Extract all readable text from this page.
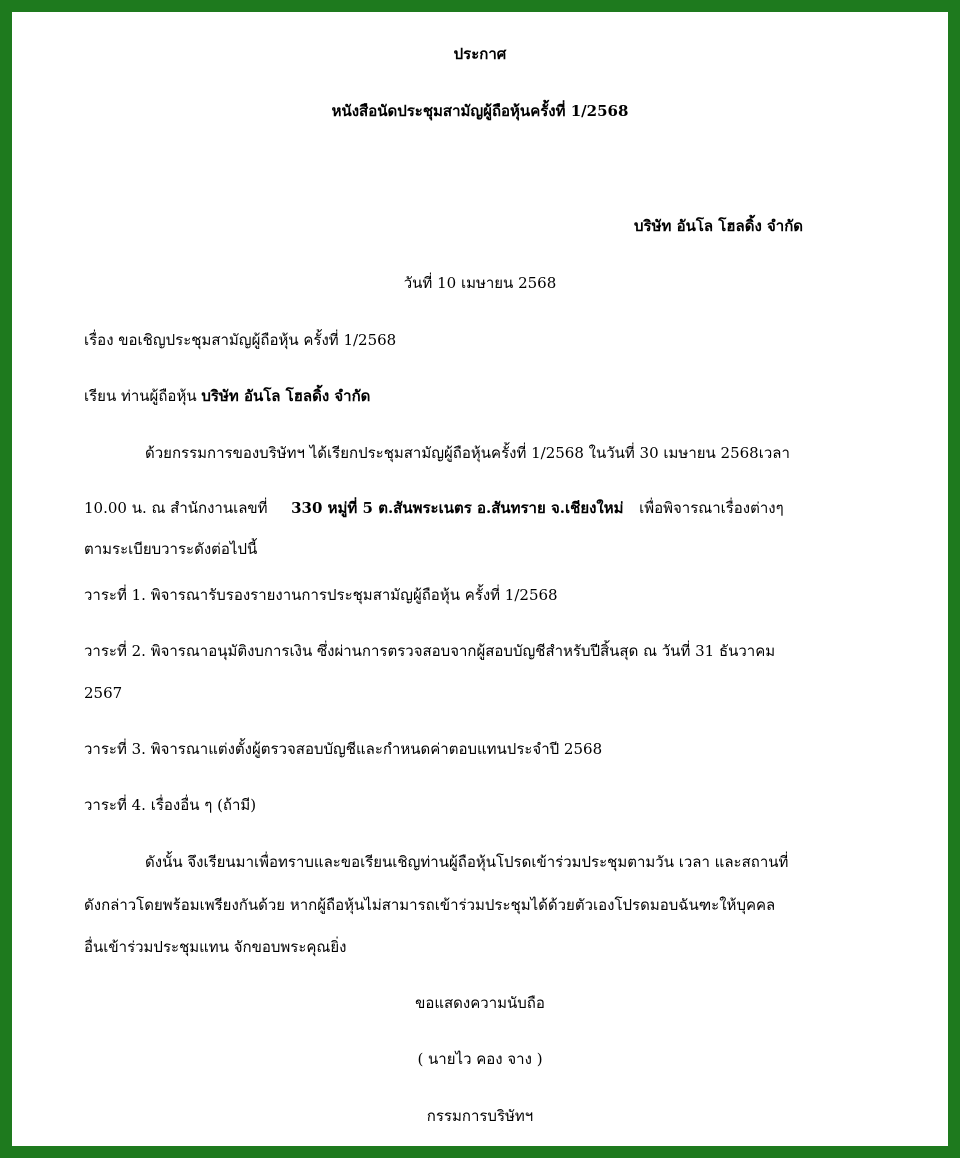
ประกาศ
หนังสือนัดประชุมสามัญผู้ถือหุ้นครั้งที่ 1/2568
บริษัท อันโล โฮลดิ้ง จำกัด
วันที่ 10 เมษายน 2568
เรื่อง ขอเชิญประชุมสามัญผู้ถือหุ้น ครั้งที่ 1/2568
เรียน ท่านผู้ถือหุ้น บริษัท อันโล โฮลดิ้ง จำกัด
ด้วยกรรมการของบริษัทฯ ได้เรียกประชุมสามัญผู้ถือหุ้นครั้งที่ 1/2568 ในวันที่ 30 เมษายน 2568เวลา
10.00 น. ณ สำนักงานเลขที่ 330 หมู่ที่ 5 ต.สันพระเนตร อ.สันทราย จ.เชียงใหม่ เพื่อพิจารณาเรื่องต่างๆ
ตามระเบียบวาระดังต่อไปนี้
วาระที่ 1. พิจารณารับรองรายงานการประชุมสามัญผู้ถือหุ้น ครั้งที่ 1/2568
วาระที่ 2. พิจารณาอนุมัติงบการเงิน ซึ่งผ่านการตรวจสอบจากผู้สอบบัญชีสำหรับปีสิ้นสุด ณ วันที่ 31 ธันวาคม
2567
วาระที่ 3. พิจารณาแต่งตั้งผู้ตรวจสอบบัญชีและกำหนดค่าตอบแทนประจำปี 2568
วาระที่ 4. เรื่องอื่น ๆ (ถ้ามี)
ดังนั้น จึงเรียนมาเพื่อทราบและขอเรียนเชิญท่านผู้ถือหุ้นโปรดเข้าร่วมประชุมตามวัน เวลา และสถานที่
ดังกล่าวโดยพร้อมเพรียงกันด้วย หากผู้ถือหุ้นไม่สามารถเข้าร่วมประชุมได้ด้วยตัวเองโปรดมอบฉันฑะให้บุคคล
อื่นเข้าร่วมประชุมแทน จักขอบพระคุณยิ่ง
ขอแสดงความนับถือ
( นายไว คอง จาง )
กรรมการบริษัทฯ
